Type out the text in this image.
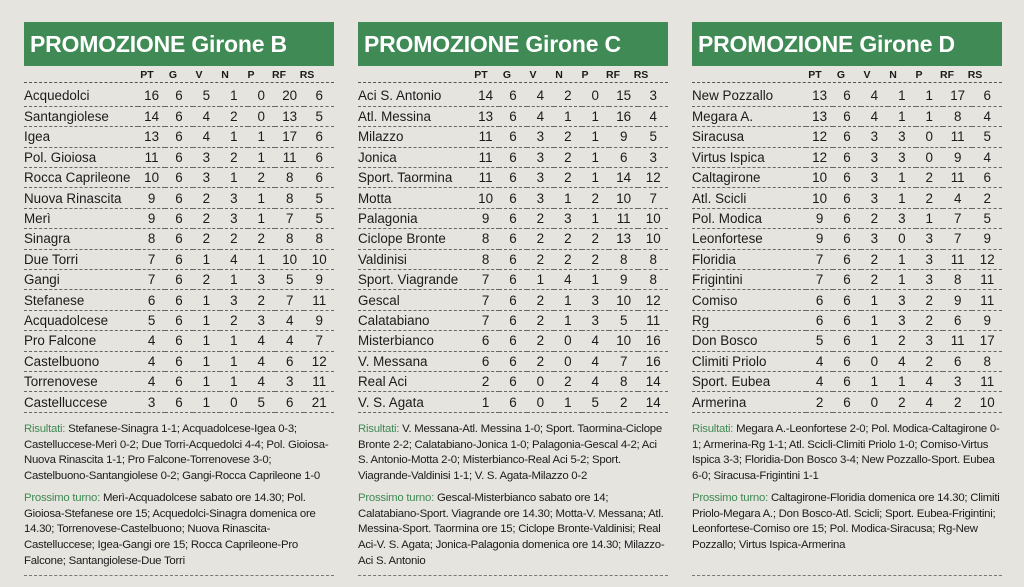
PROMOZIONE Girone B
PT	G	V	N	P	RF	RS
Acquedolci	16	6	5	1	0	20	6
Santangiolese	14	6	4	2	0	13	5
Igea	13	6	4	1	1	17	6
Pol. Gioiosa	11	6	3	2	1	11	6
Rocca Caprileone	10	6	3	1	2	8	6
Nuova Rinascita	9	6	2	3	1	8	5
Merì	9	6	2	3	1	7	5
Sinagra	8	6	2	2	2	8	8
Due Torri	7	6	1	4	1	10	10
Gangi	7	6	2	1	3	5	9
Stefanese	6	6	1	3	2	7	11
Acquadolcese	5	6	1	2	3	4	9
Pro Falcone	4	6	1	1	4	4	7
Castelbuono	4	6	1	1	4	6	12
Torrenovese	4	6	1	1	4	3	11
Castelluccese	3	6	1	0	5	6	21
Risultati: Stefanese-Sinagra 1-1; Acquadolcese-Igea 0-3; Castelluccese-Merì 0-2; Due Torri-Acquedolci 4-4; Pol. Gioiosa-Nuova Rinascita 1-1; Pro Falcone-Torrenovese 3-0; Castelbuono-Santangiolese 0-2; Gangi-Rocca Caprileone 1-0
Prossimo turno: Merì-Acquadolcese sabato ore 14.30; Pol. Gioiosa-Stefanese ore 15; Acquedolci-Sinagra domenica ore 14.30; Torrenovese-Castelbuono; Nuova Rinascita-Castelluccese; Igea-Gangi ore 15; Rocca Caprileone-Pro Falcone; Santangiolese-Due Torri
PROMOZIONE Girone C
PT	G	V	N	P	RF	RS
Aci S. Antonio	14	6	4	2	0	15	3
Atl. Messina	13	6	4	1	1	16	4
Milazzo	11	6	3	2	1	9	5
Jonica	11	6	3	2	1	6	3
Sport. Taormina	11	6	3	2	1	14	12
Motta	10	6	3	1	2	10	7
Palagonia	9	6	2	3	1	11	10
Ciclope Bronte	8	6	2	2	2	13	10
Valdinisi	8	6	2	2	2	8	8
Sport. Viagrande	7	6	1	4	1	9	8
Gescal	7	6	2	1	3	10	12
Calatabiano	7	6	2	1	3	5	11
Misterbianco	6	6	2	0	4	10	16
V. Messana	6	6	2	0	4	7	16
Real Aci	2	6	0	2	4	8	14
V. S. Agata	1	6	0	1	5	2	14
Risultati: V. Messana-Atl. Messina 1-0; Sport. Taormina-Ciclope Bronte 2-2; Calatabiano-Jonica 1-0; Palagonia-Gescal 4-2; Aci S. Antonio-Motta 2-0; Misterbianco-Real Aci 5-2; Sport. Viagrande-Valdinisi 1-1; V. S. Agata-Milazzo 0-2
Prossimo turno: Gescal-Misterbianco sabato ore 14; Calatabiano-Sport. Viagrande ore 14.30; Motta-V. Messana; Atl. Messina-Sport. Taormina ore 15; Ciclope Bronte-Valdinisi; Real Aci-V. S. Agata; Jonica-Palagonia domenica ore 14.30; Milazzo-Aci S. Antonio
PROMOZIONE Girone D
PT	G	V	N	P	RF	RS
New Pozzallo	13	6	4	1	1	17	6
Megara A.	13	6	4	1	1	8	4
Siracusa	12	6	3	3	0	11	5
Virtus Ispica	12	6	3	3	0	9	4
Caltagirone	10	6	3	1	2	11	6
Atl. Scicli	10	6	3	1	2	4	2
Pol. Modica	9	6	2	3	1	7	5
Leonfortese	9	6	3	0	3	7	9
Floridia	7	6	2	1	3	11	12
Frigintini	7	6	2	1	3	8	11
Comiso	6	6	1	3	2	9	11
Rg	6	6	1	3	2	6	9
Don Bosco	5	6	1	2	3	11	17
Climiti Priolo	4	6	0	4	2	6	8
Sport. Eubea	4	6	1	1	4	3	11
Armerina	2	6	0	2	4	2	10
Risultati: Megara A.-Leonfortese 2-0; Pol. Modica-Caltagirone 0-1; Armerina-Rg 1-1; Atl. Scicli-Climiti Priolo 1-0; Comiso-Virtus Ispica 3-3; Floridia-Don Bosco 3-4; New Pozzallo-Sport. Eubea 6-0; Siracusa-Frigintini 1-1
Prossimo turno: Caltagirone-Floridia domenica ore 14.30; Climiti Priolo-Megara A.; Don Bosco-Atl. Scicli; Sport. Eubea-Frigintini; Leonfortese-Comiso ore 15; Pol. Modica-Siracusa; Rg-New Pozzallo; Virtus Ispica-Armerina
